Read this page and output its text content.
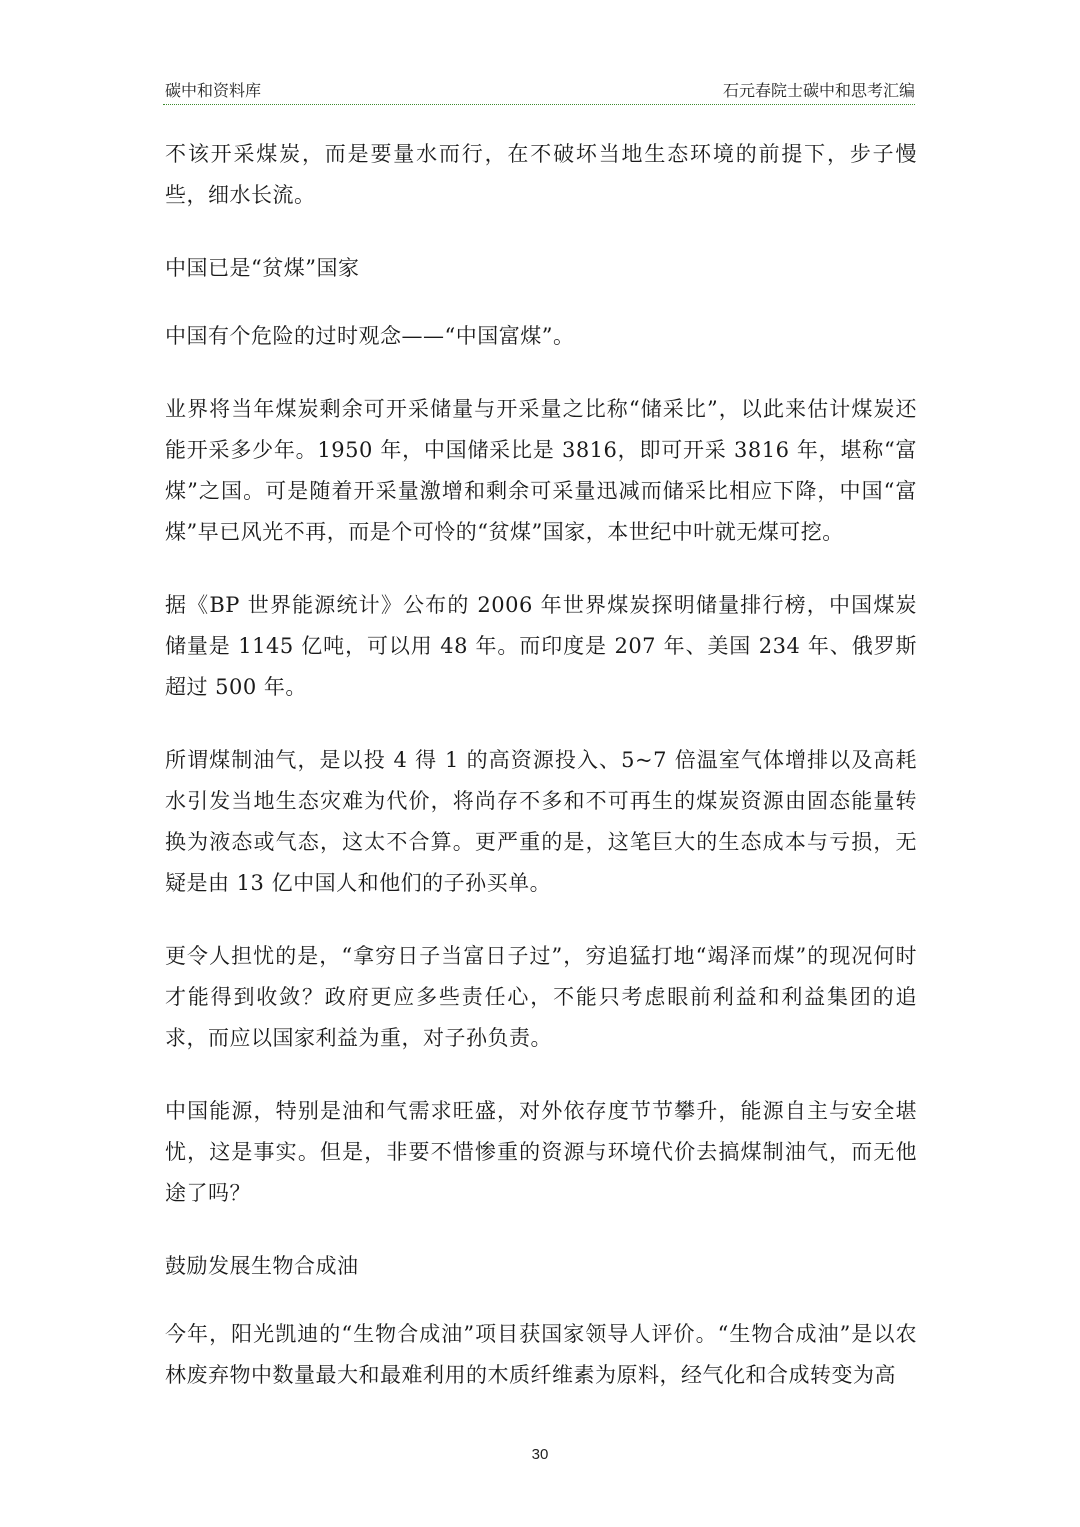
碳中和资料库	石元春院士碳中和思考汇编

不该开采煤炭，而是要量水而行，在不破坏当地生态环境的前提下，步子慢些，细水长流。

中国已是“贫煤”国家

中国有个危险的过时观念——“中国富煤”。

业界将当年煤炭剩余可开采储量与开采量之比称“储采比”，以此来估计煤炭还能开采多少年。1950 年，中国储采比是 3816，即可开采 3816 年，堪称“富煤”之国。可是随着开采量激增和剩余可采量迅减而储采比相应下降，中国“富煤”早已风光不再，而是个可怜的“贫煤”国家，本世纪中叶就无煤可挖。

据《BP 世界能源统计》公布的 2006 年世界煤炭探明储量排行榜，中国煤炭储量是 1145 亿吨，可以用 48 年。而印度是 207 年、美国 234 年、俄罗斯超过 500 年。

所谓煤制油气，是以投 4 得 1 的高资源投入、5~7 倍温室气体增排以及高耗水引发当地生态灾难为代价，将尚存不多和不可再生的煤炭资源由固态能量转换为液态或气态，这太不合算。更严重的是，这笔巨大的生态成本与亏损，无疑是由 13 亿中国人和他们的子孙买单。

更令人担忧的是，“拿穷日子当富日子过”，穷追猛打地“竭泽而煤”的现况何时才能得到收敛？政府更应多些责任心，不能只考虑眼前利益和利益集团的追求，而应以国家利益为重，对子孙负责。

中国能源，特别是油和气需求旺盛，对外依存度节节攀升，能源自主与安全堪忧，这是事实。但是，非要不惜惨重的资源与环境代价去搞煤制油气，而无他途了吗？

鼓励发展生物合成油

今年，阳光凯迪的“生物合成油”项目获国家领导人评价。“生物合成油”是以农林废弃物中数量最大和最难利用的木质纤维素为原料，经气化和合成转变为高

30
